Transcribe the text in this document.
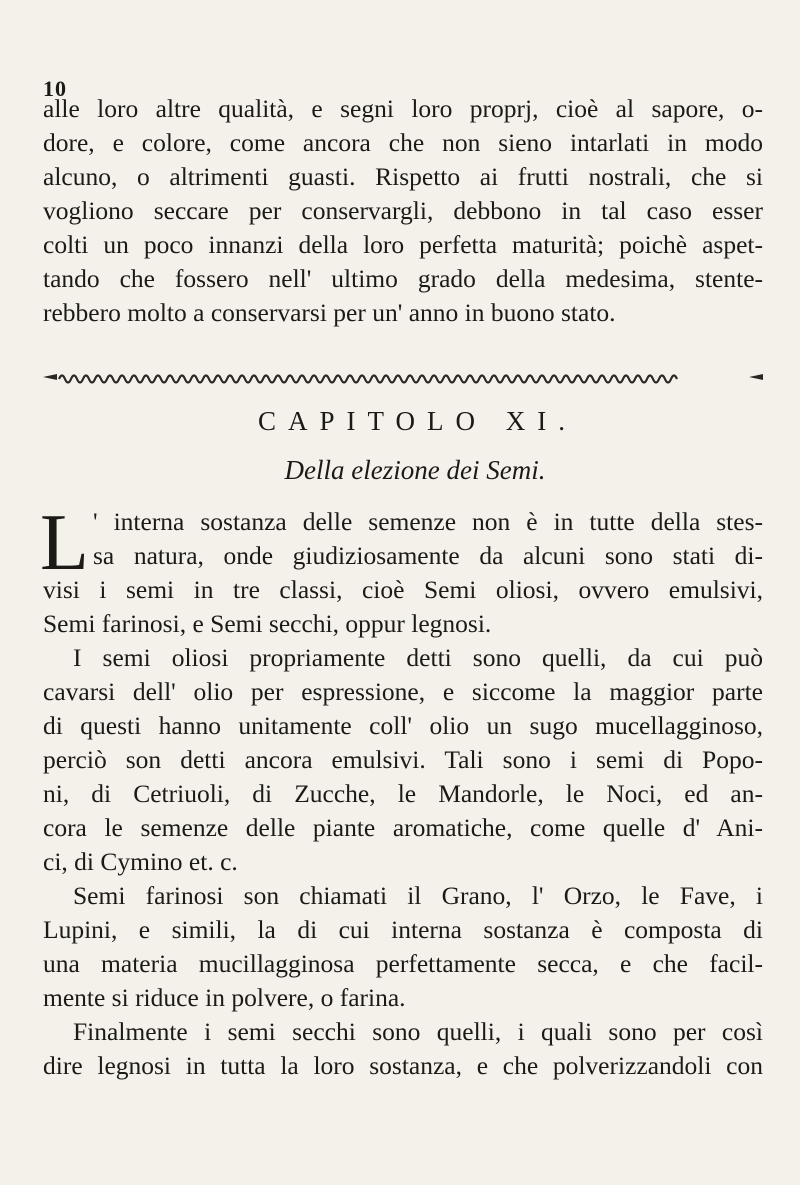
10
alle loro altre qualità, e segni loro proprj, cioè al sapore, o-
dore, e colore, come ancora che non sieno intarlati in modo
alcuno, o altrimenti guasti. Rispetto ai frutti nostrali, che si
vogliono seccare per conservargli, debbono in tal caso esser
colti un poco innanzi della loro perfetta maturità; poichè aspet-
tando che fossero nell' ultimo grado della medesima, stente-
rebbero molto a conservarsi per un' anno in buono stato.
CAPITOLO XI.
Della elezione dei Semi.
L ' interna sostanza delle semenze non è in tutte della stes-
sa natura, onde giudiziosamente da alcuni sono stati di-
visi i semi in tre classi, cioè Semi oliosi, ovvero emulsivi,
Semi farinosi, e Semi secchi, oppur legnosi.
I semi oliosi propriamente detti sono quelli, da cui può
cavarsi dell' olio per espressione, e siccome la maggior parte
di questi hanno unitamente coll' olio un sugo mucellagginoso,
perciò son detti ancora emulsivi. Tali sono i semi di Popo-
ni, di Cetriuoli, di Zucche, le Mandorle, le Noci, ed an-
cora le semenze delle piante aromatiche, come quelle d' Ani-
ci, di Cymino et. c.
Semi farinosi son chiamati il Grano, l' Orzo, le Fave, i
Lupini, e simili, la di cui interna sostanza è composta di
una materia mucillagginosa perfettamente secca, e che facil-
mente si riduce in polvere, o farina.
Finalmente i semi secchi sono quelli, i quali sono per così
dire legnosi in tutta la loro sostanza, e che polverizzandoli con
